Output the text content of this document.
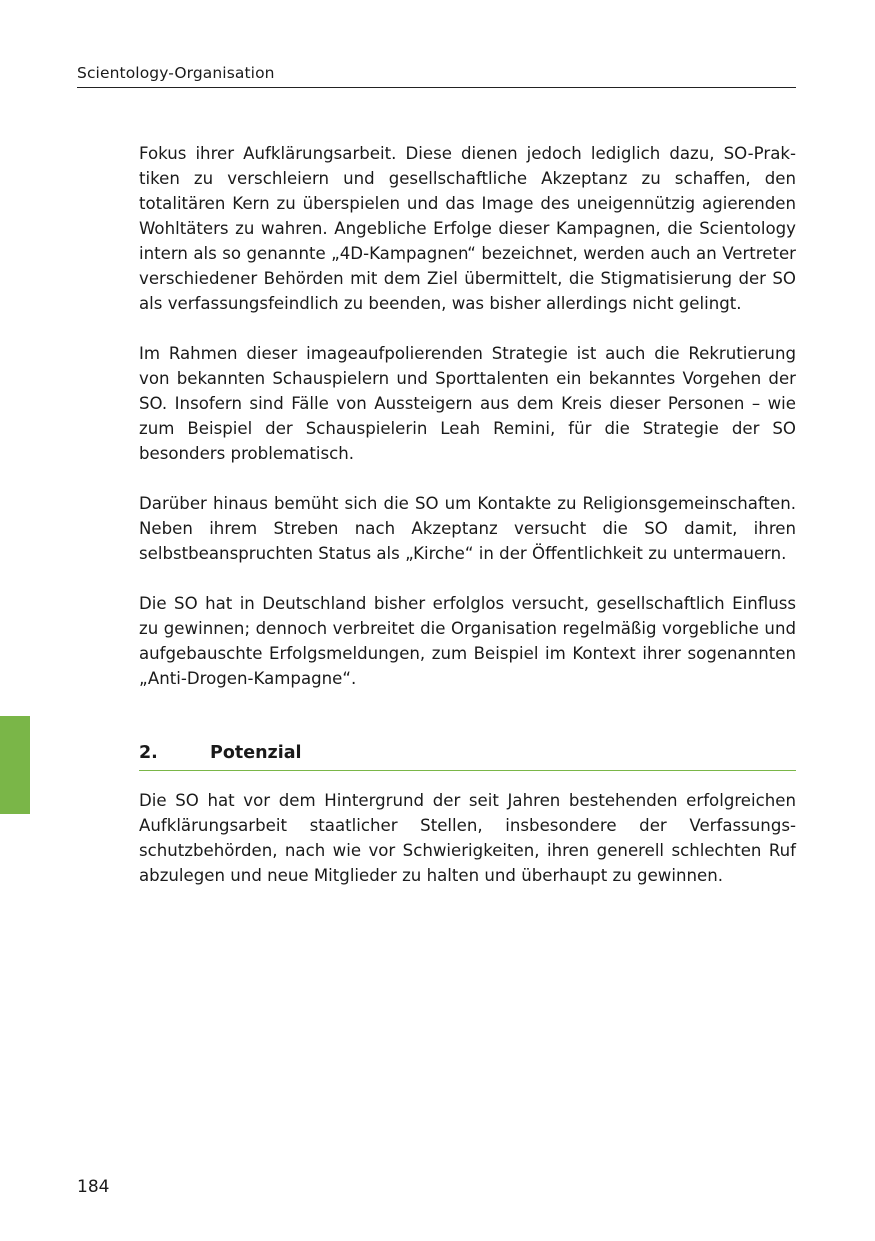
Scientology-Organisation

Fokus ihrer Aufklärungsarbeit. Diese dienen jedoch lediglich dazu, SO-Praktiken zu verschleiern und gesellschaftliche Akzeptanz zu schaffen, den totalitären Kern zu überspielen und das Image des uneigennützig agierenden Wohltäters zu wahren. Angebliche Erfolge dieser Kampagnen, die Scientology intern als so genannte „4D-Kampagnen“ bezeichnet, werden auch an Vertreter verschiedener Behörden mit dem Ziel übermittelt, die Stigmatisierung der SO als verfassungsfeindlich zu beenden, was bisher allerdings nicht gelingt.

Im Rahmen dieser imageaufpolierenden Strategie ist auch die Rekrutierung von bekannten Schauspielern und Sporttalenten ein bekanntes Vorgehen der SO. Insofern sind Fälle von Aussteigern aus dem Kreis dieser Personen – wie zum Beispiel der Schauspielerin Leah Remini, für die Strategie der SO besonders problematisch.

Darüber hinaus bemüht sich die SO um Kontakte zu Religionsgemeinschaften. Neben ihrem Streben nach Akzeptanz versucht die SO damit, ihren selbstbeanspruchten Status als „Kirche“ in der Öffentlichkeit zu untermauern.

Die SO hat in Deutschland bisher erfolglos versucht, gesellschaftlich Einfluss zu gewinnen; dennoch verbreitet die Organisation regelmäßig vorgebliche und aufgebauschte Erfolgsmeldungen, zum Beispiel im Kontext ihrer sogenannten „Anti-Drogen-Kampagne“.

2.	Potenzial

Die SO hat vor dem Hintergrund der seit Jahren bestehenden erfolgreichen Aufklärungsarbeit staatlicher Stellen, insbesondere der Verfassungsschutzbehörden, nach wie vor Schwierigkeiten, ihren generell schlechten Ruf abzulegen und neue Mitglieder zu halten und überhaupt zu gewinnen.

184
